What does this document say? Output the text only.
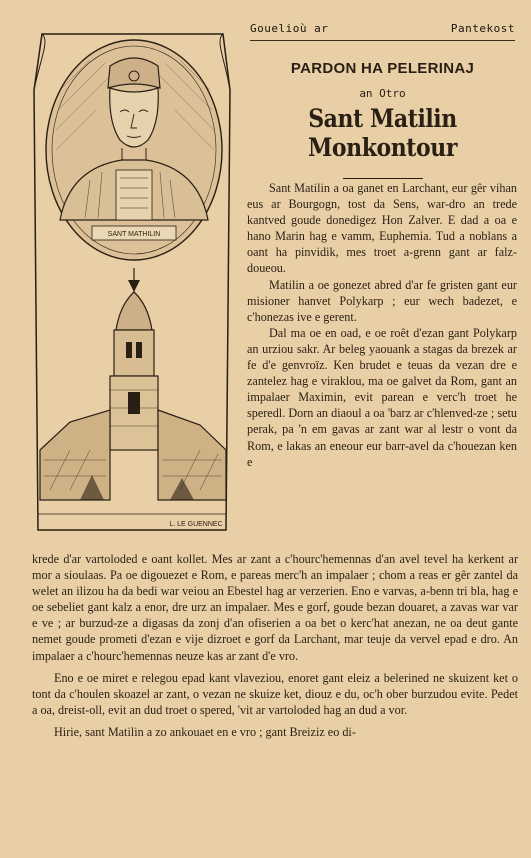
Gouelioù ar	Pantekost
SANT MATHILIN
L. LE GUENNEC
PARDON HA PELERINAJ
an Otro
Sant Matilin Monkontour

Sant Matilin a oa ganet en Larchant, eur gêr vihan eus ar Bourgogn, tost da Sens, war-dro an trede kantved goude donedigez Hon Zalver. E dad a oa e hano Marin hag e vamm, Euphemia. Tud a noblans a oant ha pinvidik, mes troet a-grenn gant ar falz-doueou.

Matilin a oe gonezet abred d'ar fe gristen gant eur misioner hanvet Polykarp ; eur wech badezet, e c'honezas ive e gerent.

Dal ma oe en oad, e oe roêt d'ezan gant Polykarp an urziou sakr. Ar beleg yaouank a stagas da brezek ar fe d'e genvroïz. Ken brudet e teuas da vezan dre e zantelez hag e viraklou, ma oe galvet da Rom, gant an impalaer Maximin, evit parean e verc'h troet he speredl. Dorn an diaoul a oa 'barz ar c'hlenved-ze ; setu perak, pa 'n em gavas ar zant war al lestr o vont da Rom, e lakas an eneour eur barr-avel da c'houezan ken e

krede d'ar vartoloded e oant kollet. Mes ar zant a c'hourc'hemennas d'an avel tevel ha kerkent ar mor a sioulaas. Pa oe digouezet e Rom, e pareas merc'h an impalaer ; chom a reas er gêr zantel da welet an ilizou ha da bedi war veiou an Ebestel hag ar verzerien. Eno e varvas, a-benn tri bla, hag e oe sebeliet gant kalz a enor, dre urz an impalaer. Mes e gorf, goude bezan douaret, a zavas war var e ve ; ar burzud-ze a digasas da zonj d'an ofiserien a oa bet o kerc'hat anezan, ne oa deut gante nemet goude prometi d'ezan e vije dizroet e gorf da Larchant, mar teuje da vervel epad e dro. An impalaer a c'hourc'hemennas neuze kas ar zant d'e vro.

Eno e oe miret e relegou epad kant vlaveziou, enoret gant eleiz a belerined ne skuizent ket o tont da c'houlen skoazel ar zant, o vezan ne skuize ket, diouz e du, oc'h ober burzudou evite. Pedet a oa, dreist-oll, evit an dud troet o spered, 'vit ar vartoloded hag an dud a vor.

Hirie, sant Matilin a zo ankouaet en e vro ; gant Breiziz eo di-
